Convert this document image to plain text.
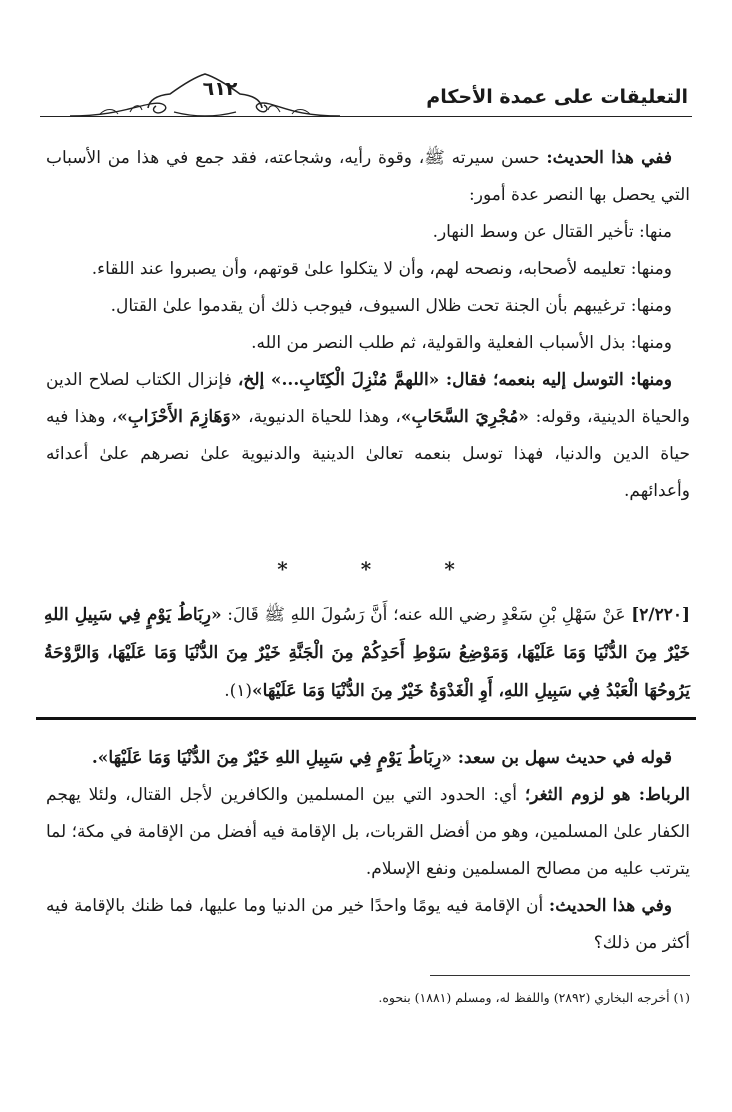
التعليقات على عمدة الأحكام
٦١٢

ففي هذا الحديث: حسن سيرته ﷺ، وقوة رأيه، وشجاعته، فقد جمع في هذا من الأسباب التي يحصل بها النصر عدة أمور:

منها: تأخير القتال عن وسط النهار.

ومنها: تعليمه لأصحابه، ونصحه لهم، وأن لا يتكلوا علىٰ قوتهم، وأن يصبروا عند اللقاء.

ومنها: ترغيبهم بأن الجنة تحت ظلال السيوف، فيوجب ذلك أن يقدموا علىٰ القتال.

ومنها: بذل الأسباب الفعلية والقولية، ثم طلب النصر من الله.

ومنها: التوسل إليه بنعمه؛ فقال: «اللهمَّ مُنْزِلَ الْكِتَابِ...» إلخ، فإنزال الكتاب لصلاح الدين والحياة الدينية، وقوله: «مُجْرِيَ السَّحَابِ»، وهذا للحياة الدنيوية، «وَهَازِمَ الأَحْزَابِ»، وهذا فيه حياة الدين والدنيا، فهذا توسل بنعمه تعالىٰ الدينية والدنيوية علىٰ نصرهم علىٰ أعدائه وأعدائهم.

*	*	*
[٢/٢٢٠] عَنْ سَهْلِ بْنِ سَعْدٍ رضي الله عنه؛ أَنَّ رَسُولَ اللهِ ﷺ قَالَ: «رِبَاطُ يَوْمٍ فِي سَبِيلِ اللهِ خَيْرٌ مِنَ الدُّنْيَا وَمَا عَلَيْهَا، وَمَوْضِعُ سَوْطِ أَحَدِكُمْ مِنَ الْجَنَّةِ خَيْرٌ مِنَ الدُّنْيَا وَمَا عَلَيْهَا، وَالرَّوْحَةُ يَرُوحُهَا الْعَبْدُ فِي سَبِيلِ اللهِ، أَوِ الْغَدْوَةُ خَيْرٌ مِنَ الدُّنْيَا وَمَا عَلَيْهَا»(١).

قوله في حديث سهل بن سعد: «رِبَاطُ يَوْمٍ فِي سَبِيلِ اللهِ خَيْرٌ مِنَ الدُّنْيَا وَمَا عَلَيْهَا».

الرباط: هو لزوم الثغر؛ أي: الحدود التي بين المسلمين والكافرين لأجل القتال، ولئلا يهجم الكفار علىٰ المسلمين، وهو من أفضل القربات، بل الإقامة فيه أفضل من الإقامة في مكة؛ لما يترتب عليه من مصالح المسلمين ونفع الإسلام.

وفي هذا الحديث: أن الإقامة فيه يومًا واحدًا خير من الدنيا وما عليها، فما ظنك بالإقامة فيه أكثر من ذلك؟

(١) أخرجه البخاري (٢٨٩٢) واللفظ له، ومسلم (١٨٨١) بنحوه.
